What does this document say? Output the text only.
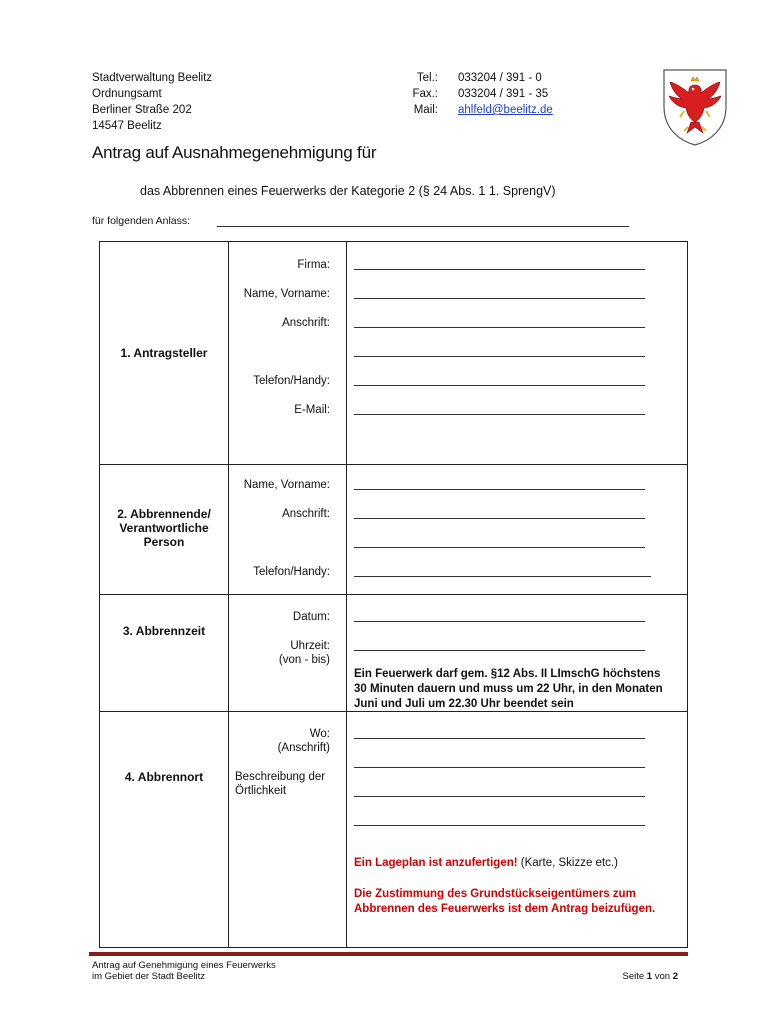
Stadtverwaltung Beelitz
Ordnungsamt
Berliner Straße 202
14547 Beelitz
Tel.:
Fax.:
Mail:
033204 / 391 - 0
033204 / 391 - 35
ahlfeld@beelitz.de
Antrag auf Ausnahmegenehmigung für
das Abbrennen eines Feuerwerks der Kategorie 2 (§ 24 Abs. 1 1. SprengV)
für folgenden Anlass:
1. Antragsteller
Firma:
Name, Vorname:
Anschrift:
Telefon/Handy:
E-Mail:
2. Abbrennende/
Verantwortliche
Person
Name, Vorname:
Anschrift:
Telefon/Handy:
3. Abbrennzeit
Datum:
Uhrzeit:
(von - bis)
Ein Feuerwerk darf gem. §12 Abs. II LImschG höchstens
30 Minuten dauern und muss um 22 Uhr, in den Monaten
Juni und Juli um 22.30 Uhr beendet sein
4. Abbrennort
Wo:
(Anschrift)
Beschreibung der
Örtlichkeit
Ein Lageplan ist anzufertigen! (Karte, Skizze etc.)
Die Zustimmung des Grundstückseigentümers zum
Abbrennen des Feuerwerks ist dem Antrag beizufügen.
Antrag auf Genehmigung eines Feuerwerks
im Gebiet der Stadt Beelitz	Seite 1 von 2
